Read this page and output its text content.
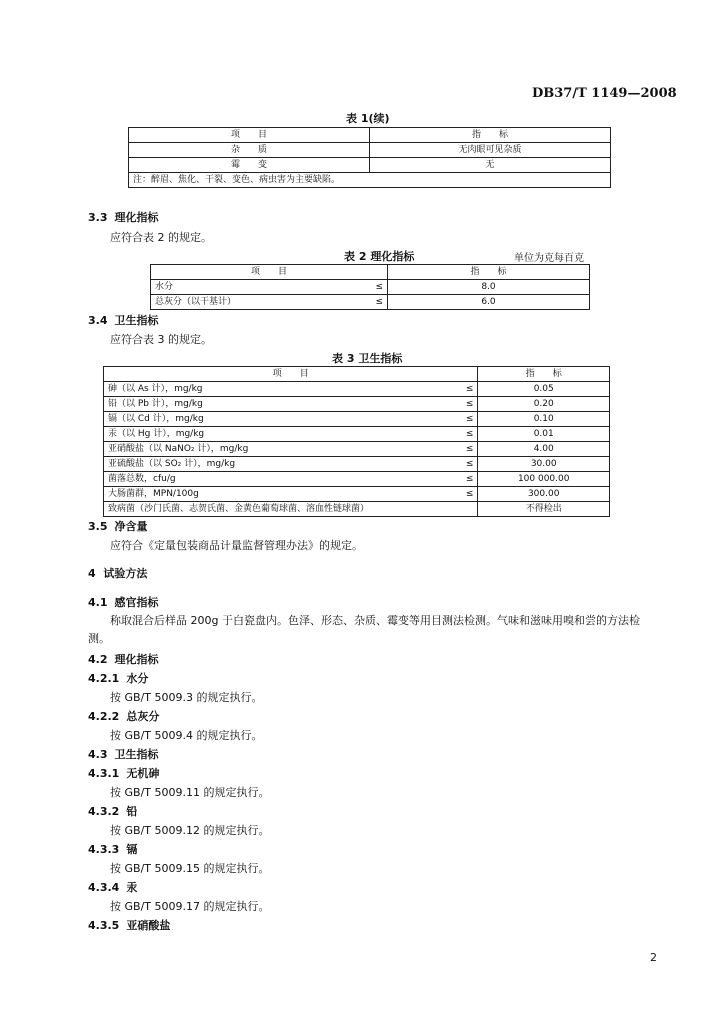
DB37/T 1149—2008
表 1(续)
项　　目	指　　标
杂　　质	无肉眼可见杂质
霉　　变	无
注：醉眉、焦化、干裂、变色、病虫害为主要缺陷。	
3.3 理化指标
应符合表 2 的规定。
表 2 理化指标	单位为克每百克
项　　目		指　　标
水分	≤	8.0
总灰分（以干基计）	≤	6.0
3.4 卫生指标
应符合表 3 的规定。
表 3 卫生指标
项　　目		指　　标
砷（以 As 计），mg/kg	≤	0.05
铅（以 Pb 计），mg/kg	≤	0.20
镉（以 Cd 计），mg/kg	≤	0.10
汞（以 Hg 计），mg/kg	≤	0.01
亚硝酸盐（以 NaNO₂ 计），mg/kg	≤	4.00
亚硫酸盐（以 SO₂ 计），mg/kg	≤	30.00
菌落总数，cfu/g	≤	100 000.00
大肠菌群，MPN/100g	≤	300.00
致病菌（沙门氏菌、志贺氏菌、金黄色葡萄球菌、溶血性链球菌）		不得检出
3.5 净含量
应符合《定量包装商品计量监督管理办法》的规定。
4 试验方法
4.1 感官指标
称取混合后样品 200g 于白瓷盘内。色泽、形态、杂质、霉变等用目测法检测。气味和滋味用嗅和尝的方法检测。
4.2 理化指标
4.2.1 水分
按 GB/T 5009.3 的规定执行。
4.2.2 总灰分
按 GB/T 5009.4 的规定执行。
4.3 卫生指标
4.3.1 无机砷
按 GB/T 5009.11 的规定执行。
4.3.2 铅
按 GB/T 5009.12 的规定执行。
4.3.3 镉
按 GB/T 5009.15 的规定执行。
4.3.4 汞
按 GB/T 5009.17 的规定执行。
4.3.5 亚硝酸盐
2
